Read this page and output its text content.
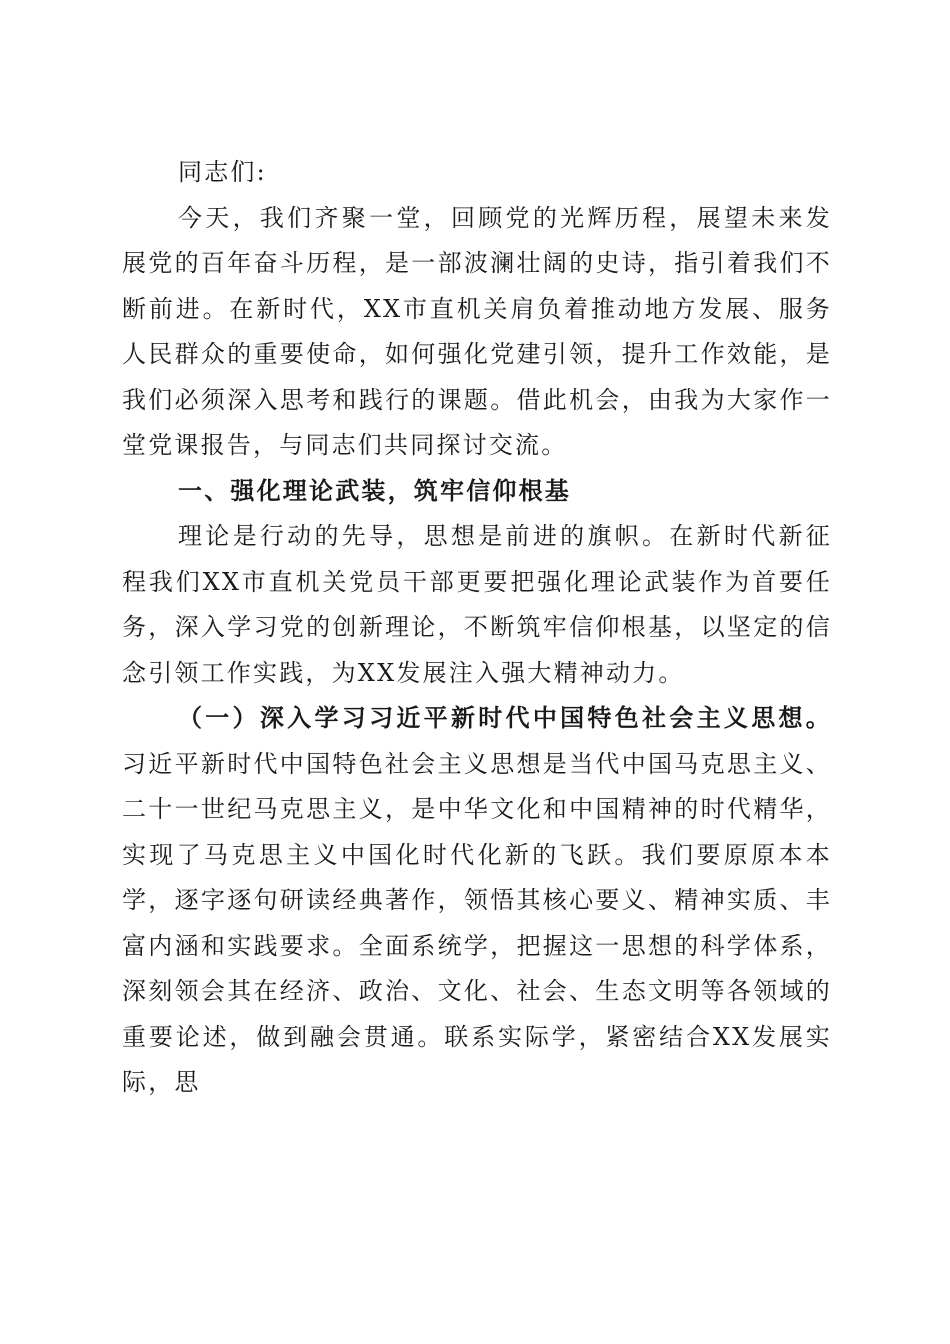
同志们:

今天，我们齐聚一堂，回顾党的光辉历程，展望未来发展党的百年奋斗历程，是一部波澜壮阔的史诗，指引着我们不断前进。在新时代，XX市直机关肩负着推动地方发展、服务人民群众的重要使命，如何强化党建引领，提升工作效能，是我们必须深入思考和践行的课题。借此机会，由我为大家作一堂党课报告，与同志们共同探讨交流。

一、强化理论武装，筑牢信仰根基

理论是行动的先导，思想是前进的旗帜。在新时代新征程我们XX市直机关党员干部更要把强化理论武装作为首要任务，深入学习党的创新理论，不断筑牢信仰根基，以坚定的信念引领工作实践，为XX发展注入强大精神动力。

（一）深入学习习近平新时代中国特色社会主义思想。习近平新时代中国特色社会主义思想是当代中国马克思主义、二十一世纪马克思主义，是中华文化和中国精神的时代精华，实现了马克思主义中国化时代化新的飞跃。我们要原原本本学，逐字逐句研读经典著作，领悟其核心要义、精神实质、丰富内涵和实践要求。全面系统学，把握这一思想的科学体系，深刻领会其在经济、政治、文化、社会、生态文明等各领域的重要论述，做到融会贯通。联系实际学，紧密结合XX发展实际，思
